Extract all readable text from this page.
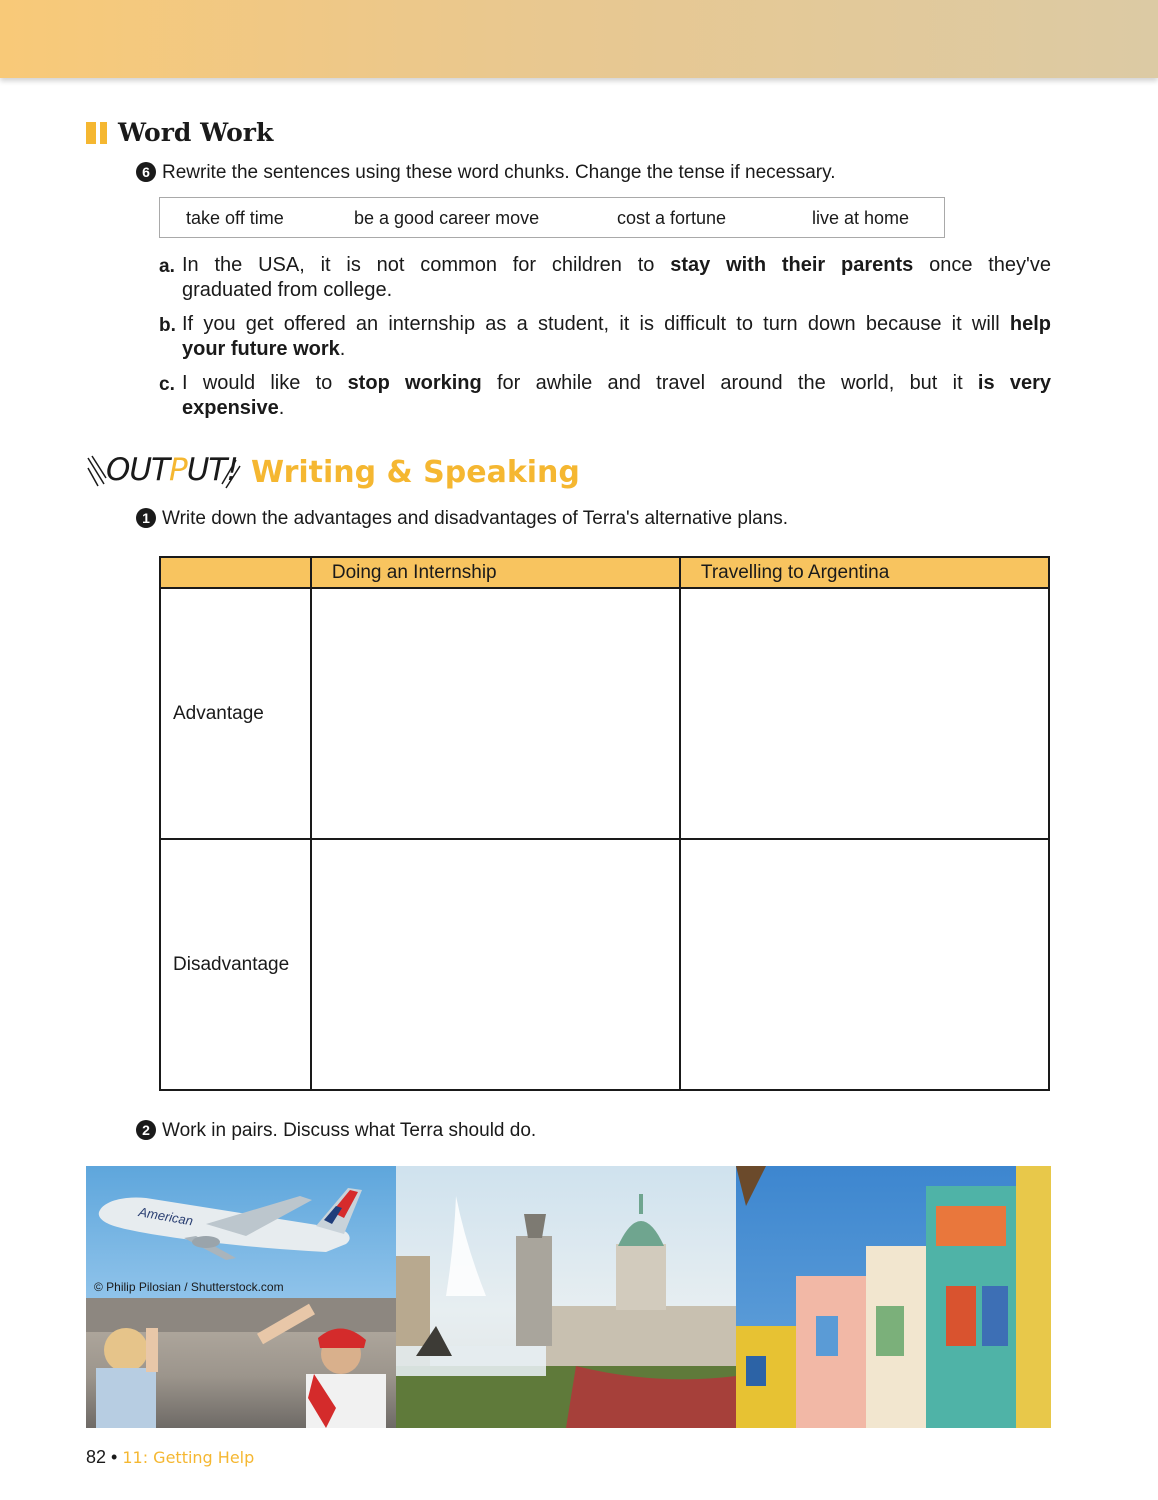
Word Work
6 Rewrite the sentences using these word chunks. Change the tense if necessary.
take off time	be a good career move	cost a fortune	live at home
a. In the USA, it is not common for children to stay with their parents once they've
graduated from college.
b. If you get offered an internship as a student, it is difficult to turn down because it will help
your future work.
c. I would like to stop working for awhile and travel around the world, but it is very
expensive.
OUTPUT! Writing & Speaking
1 Write down the advantages and disadvantages of Terra's alternative plans.
	Doing an Internship	Travelling to Argentina
Advantage		
Disadvantage		
2 Work in pairs. Discuss what Terra should do.
American
© Philip Pilosian / Shutterstock.com
82 • 11: Getting Help
